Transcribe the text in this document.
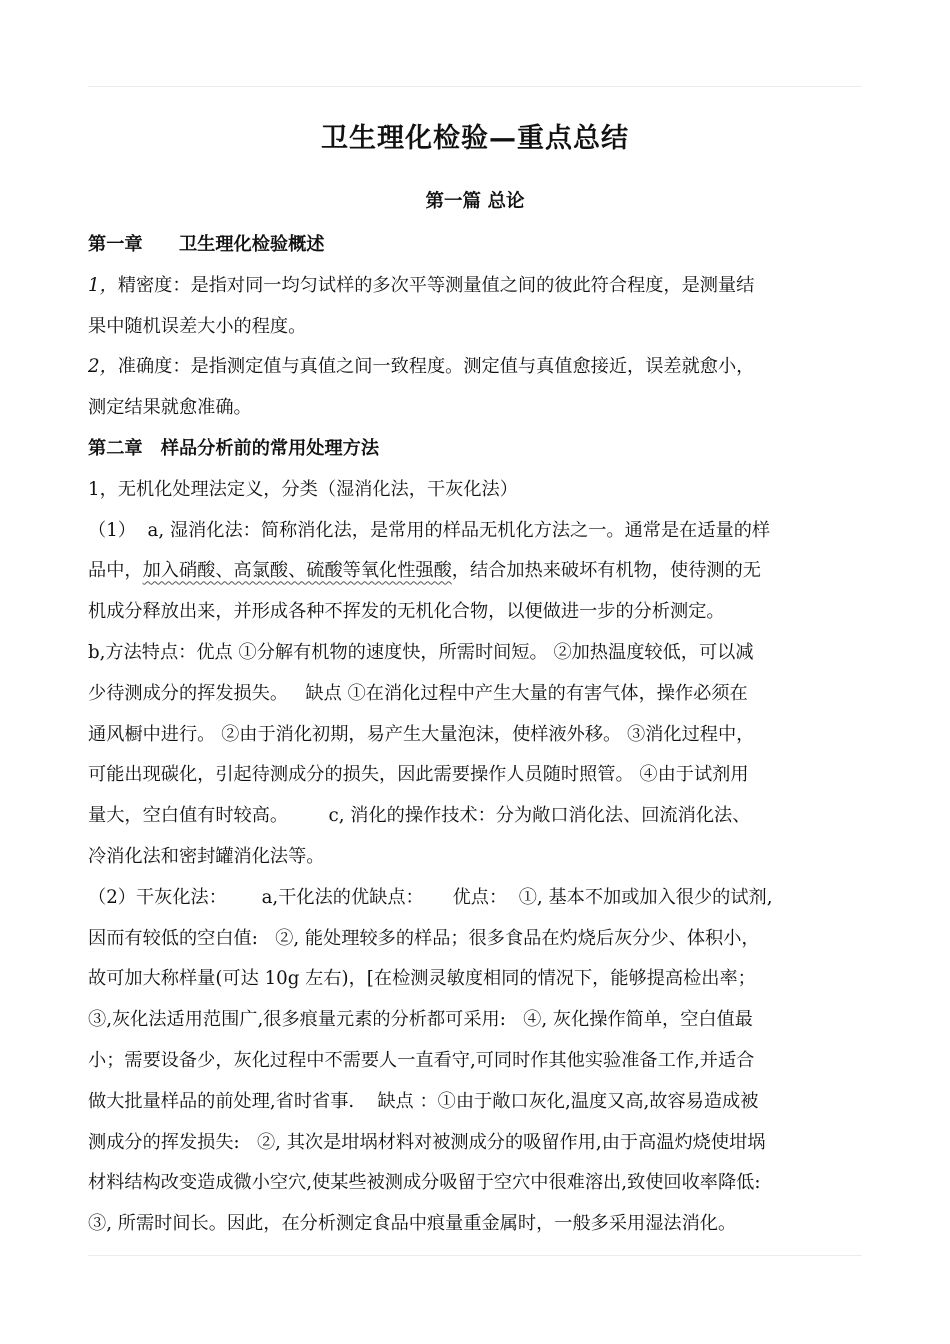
卫生理化检验—重点总结
第一篇 总论
第一章　　卫生理化检验概述
1，精密度：是指对同一均匀试样的多次平等测量值之间的彼此符合程度，是测量结
果中随机误差大小的程度。
2，准确度：是指测定值与真值之间一致程度。测定值与真值愈接近，误差就愈小，
测定结果就愈准确。
第二章　样品分析前的常用处理方法
1，无机化处理法定义，分类（湿消化法，干灰化法）
（1）  a, 湿消化法：简称消化法，是常用的样品无机化方法之一。通常是在适量的样
品中，加入硝酸、高氯酸、硫酸等氧化性强酸，结合加热来破坏有机物，使待测的无
机成分释放出来，并形成各种不挥发的无机化合物，以便做进一步的分析测定。
b,方法特点：优点 ①分解有机物的速度快，所需时间短。 ②加热温度较低，可以减
少待测成分的挥发损失。   缺点 ①在消化过程中产生大量的有害气体，操作必须在
通风橱中进行。 ②由于消化初期，易产生大量泡沫，使样液外移。 ③消化过程中，
可能出现碳化，引起待测成分的损失，因此需要操作人员随时照管。 ④由于试剂用
量大，空白值有时较高。       c, 消化的操作技术：分为敞口消化法、回流消化法、
冷消化法和密封罐消化法等。
（2）干灰化法：      a,干化法的优缺点：     优点：  ①, 基本不加或加入很少的试剂,
因而有较低的空白值:   ②, 能处理较多的样品；很多食品在灼烧后灰分少、体积小，
故可加大称样量(可达 10g 左右)，[在检测灵敏度相同的情况下，能够提高检出率；
③,灰化法适用范围广,很多痕量元素的分析都可采用:   ④, 灰化操作简单，空白值最
小；需要设备少，灰化过程中不需要人一直看守,可同时作其他实验准备工作,并适合
做大批量样品的前处理,省时省事.    缺点 ：①由于敞口灰化,温度又高,故容易造成被
测成分的挥发损失:   ②, 其次是坩埚材料对被测成分的吸留作用,由于高温灼烧使坩埚
材料结构改变造成微小空穴,使某些被测成分吸留于空穴中很难溶出,致使回收率降低:
③, 所需时间长。因此，在分析测定食品中痕量重金属时，一般多采用湿法消化。
